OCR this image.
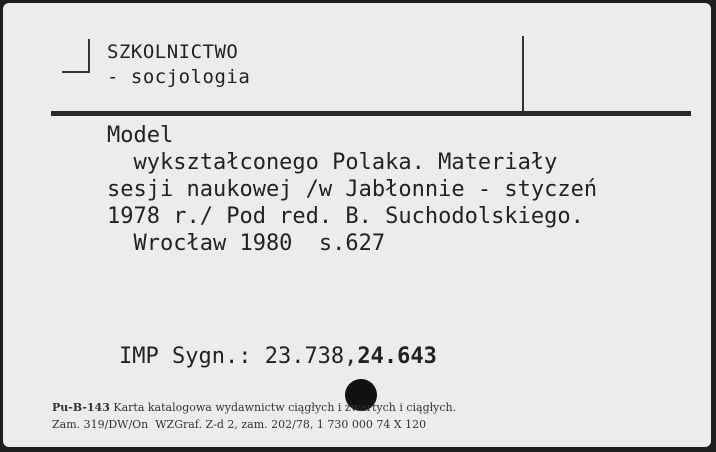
SZKOLNICTWO
- socjologia
Model
wykształconego Polaka. Materiały
sesji naukowej /w Jabłonnie - styczeń
1978 r./ Pod red. B. Suchodolskiego.
Wrocław 1980  s.627
IMP Sygn.: 23.738,24.643
Pu-B-143 Karta katalogowa wydawnictw ciągłych i zwartych i ciągłych.
Zam. 319/DW/On  WZGraf. Z-d 2, zam. 202/78, 1 730 000 74 X 120
